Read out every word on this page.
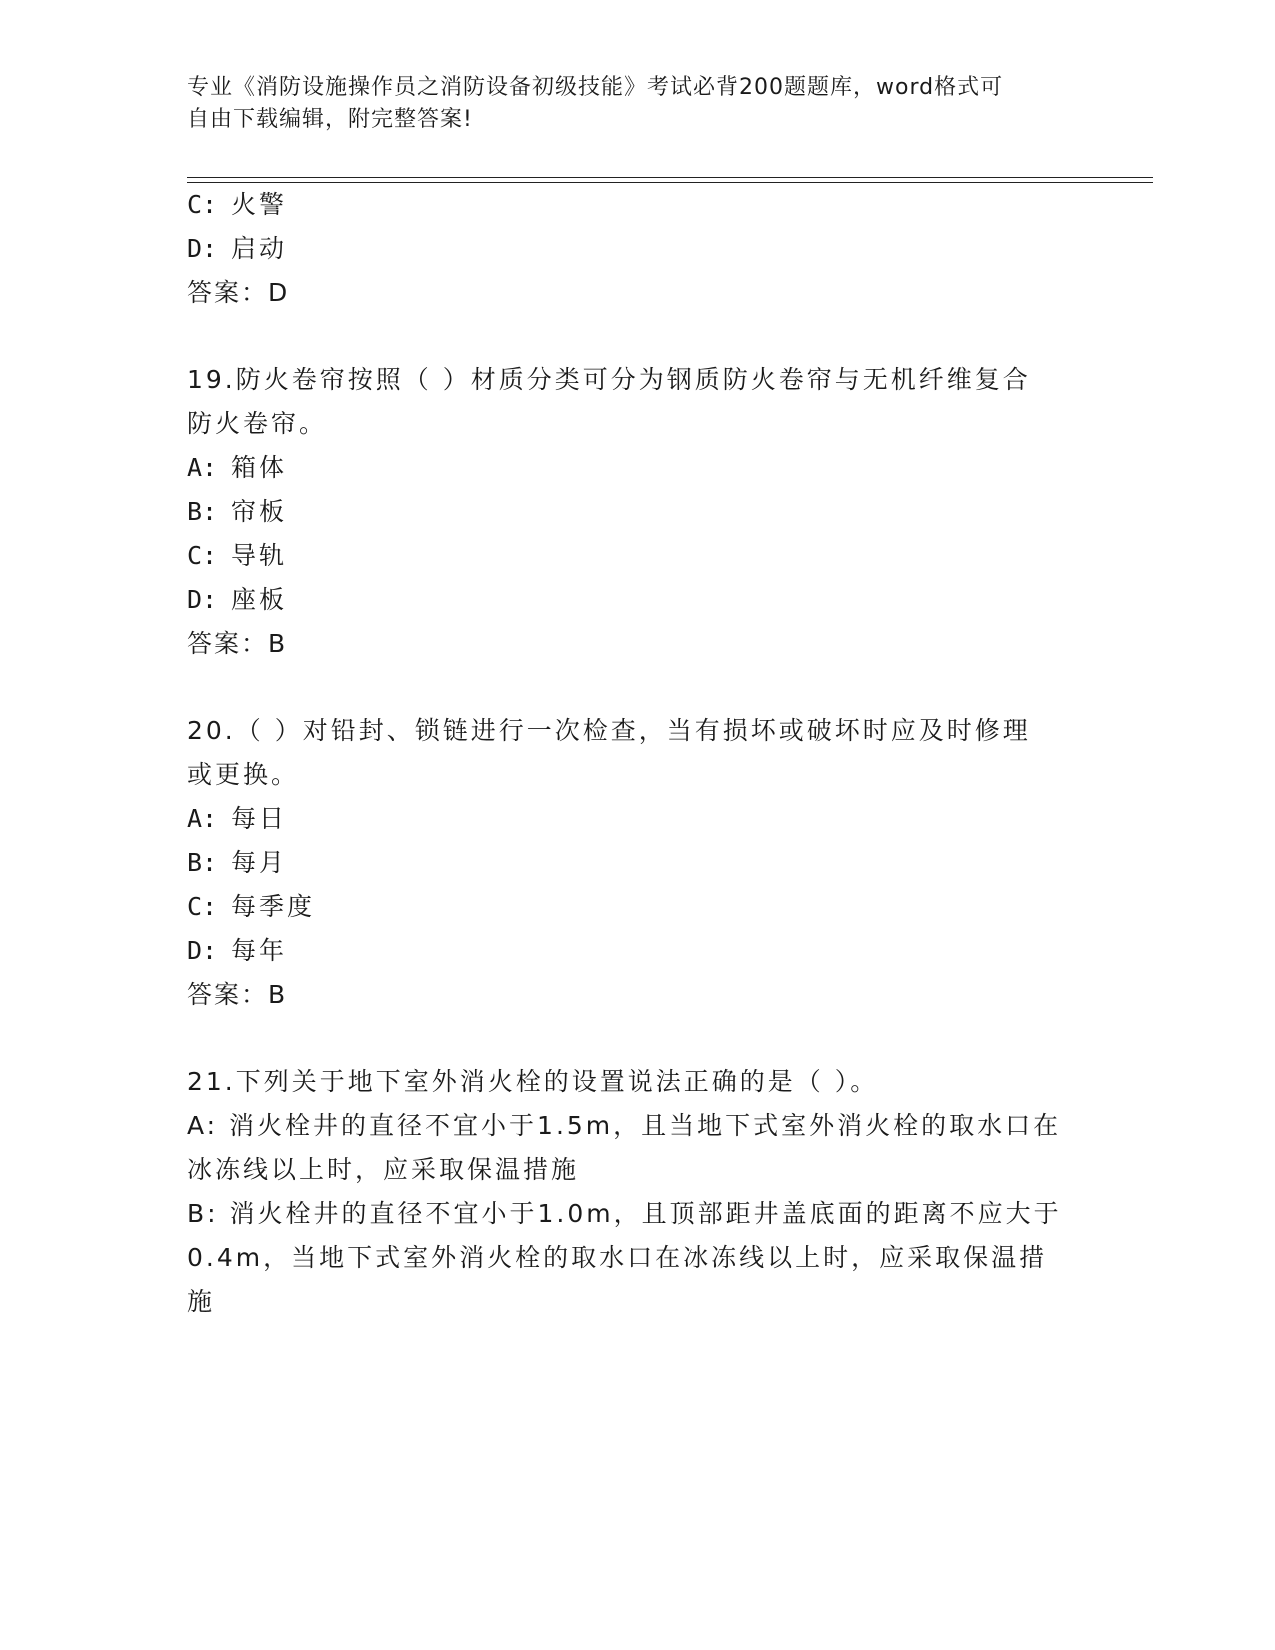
专业《消防设施操作员之消防设备初级技能》考试必背200题题库，word格式可
自由下载编辑，附完整答案!
C: 火警
D: 启动
答案：D
19.防火卷帘按照（ ）材质分类可分为钢质防火卷帘与无机纤维复合
防火卷帘。
A: 箱体
B: 帘板
C: 导轨
D: 座板
答案：B
20.（ ）对铅封、锁链进行一次检查，当有损坏或破坏时应及时修理
或更换。
A: 每日
B: 每月
C: 每季度
D: 每年
答案：B
21.下列关于地下室外消火栓的设置说法正确的是（ ）。
A: 消火栓井的直径不宜小于1.5m，且当地下式室外消火栓的取水口在
冰冻线以上时，应采取保温措施
B: 消火栓井的直径不宜小于1.0m，且顶部距井盖底面的距离不应大于
0.4m，当地下式室外消火栓的取水口在冰冻线以上时，应采取保温措
施
